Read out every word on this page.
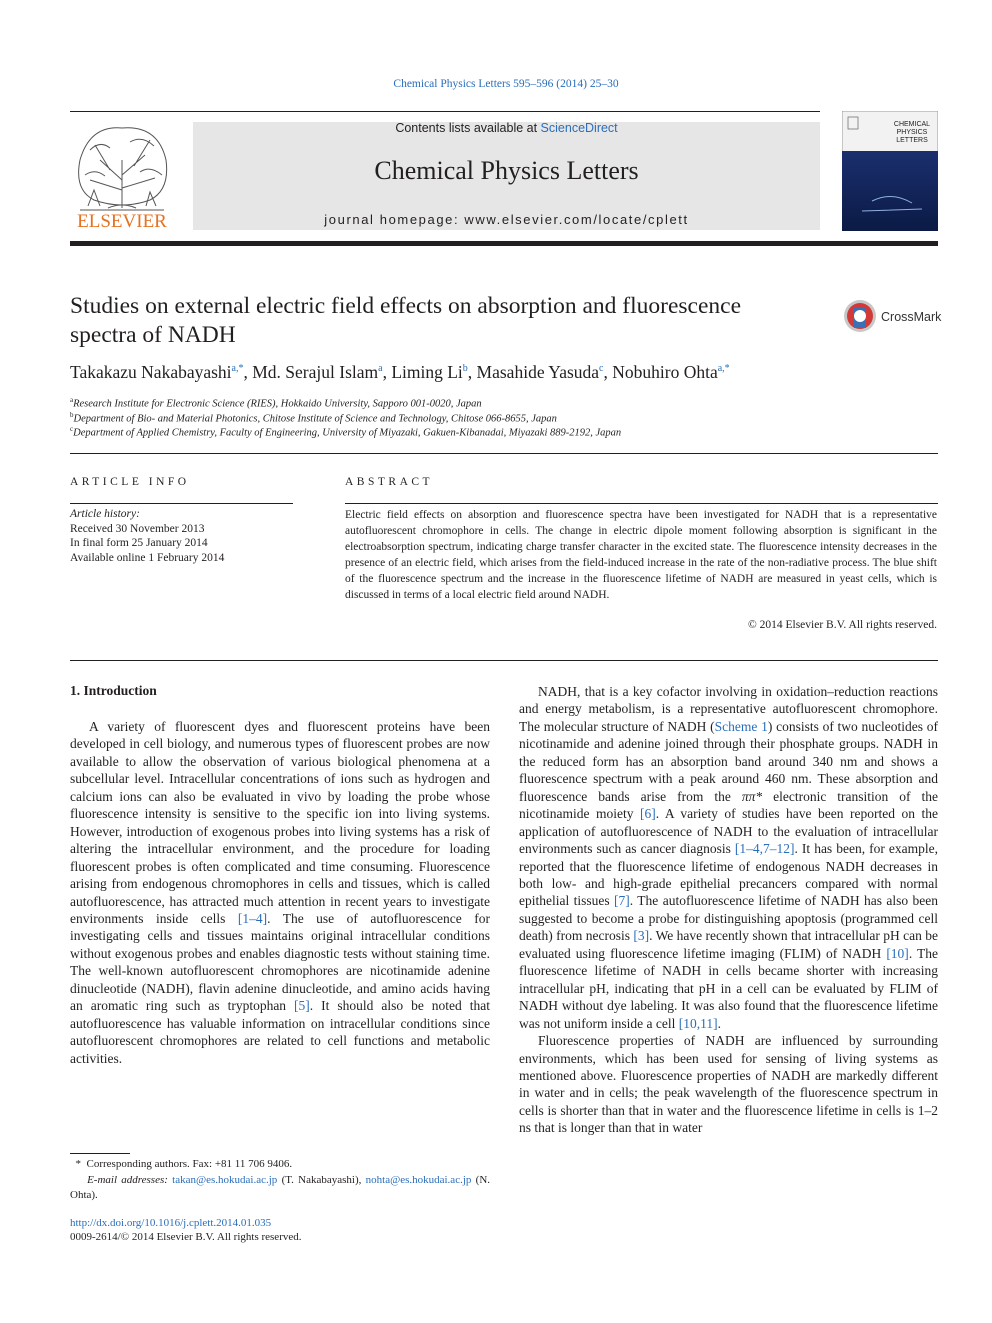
Chemical Physics Letters 595–596 (2014) 25–30
ELSEVIER
Contents lists available at ScienceDirect
Chemical Physics Letters
journal homepage: www.elsevier.com/locate/cplett
CHEMICAL
PHYSICS
LETTERS
Studies on external electric field effects on absorption and fluorescence
spectra of NADH
CrossMark
Takakazu Nakabayashi$^{a,*}$, Md. Serajul Islam$^a$, Liming Li$^b$, Masahide Yasuda$^c$, Nobuhiro Ohta$^{a,*}$
$^a$Research Institute for Electronic Science (RIES), Hokkaido University, Sapporo 001-0020, Japan
$^b$Department of Bio- and Material Photonics, Chitose Institute of Science and Technology, Chitose 066-8655, Japan
$^c$Department of Applied Chemistry, Faculty of Engineering, University of Miyazaki, Gakuen-Kibanadai, Miyazaki 889-2192, Japan
ARTICLE INFO
Article history:
Received 30 November 2013
In final form 25 January 2014
Available online 1 February 2014
ABSTRACT
Electric field effects on absorption and fluorescence spectra have been investigated for NADH that is a representative autofluorescent chromophore in cells. The change in electric dipole moment following absorption is significant in the electroabsorption spectrum, indicating charge transfer character in the excited state. The fluorescence intensity decreases in the presence of an electric field, which arises from the field-induced increase in the rate of the non-radiative process. The blue shift of the fluorescence spectrum and the increase in the fluorescence lifetime of NADH are measured in yeast cells, which is discussed in terms of a local electric field around NADH.
© 2014 Elsevier B.V. All rights reserved.
1. Introduction

A variety of fluorescent dyes and fluorescent proteins have been developed in cell biology, and numerous types of fluorescent probes are now available to allow the observation of various biological phenomena at a subcellular level. Intracellular concentrations of ions such as hydrogen and calcium ions can also be evaluated in vivo by loading the probe whose fluorescence intensity is sensitive to the specific ion into living systems. However, introduction of exogenous probes into living systems has a risk of altering the intracellular environment, and the procedure for loading fluorescent probes is often complicated and time consuming. Fluorescence arising from endogenous chromophores in cells and tissues, which is called autofluorescence, has attracted much attention in recent years to investigate environments inside cells [1–4]. The use of autofluorescence for investigating cells and tissues maintains original intracellular conditions without exogenous probes and enables diagnostic tests without staining time. The well-known autofluorescent chromophores are nicotinamide adenine dinucleotide (NADH), flavin adenine dinucleotide, and amino acids having an aromatic ring such as tryptophan [5]. It should also be noted that autofluorescence has valuable information on intracellular conditions since autofluorescent chromophores are related to cell functions and metabolic activities.

NADH, that is a key cofactor involving in oxidation–reduction reactions and energy metabolism, is a representative autofluorescent chromophore. The molecular structure of NADH (Scheme 1) consists of two nucleotides of nicotinamide and adenine joined through their phosphate groups. NADH in the reduced form has an absorption band around 340 nm and shows a fluorescence spectrum with a peak around 460 nm. These absorption and fluorescence bands arise from the ππ* electronic transition of the nicotinamide moiety [6]. A variety of studies have been reported on the application of autofluorescence of NADH to the evaluation of intracellular environments such as cancer diagnosis [1–4,7–12]. It has been, for example, reported that the fluorescence lifetime of endogenous NADH decreases in both low- and high-grade epithelial precancers compared with normal epithelial tissues [7]. The autofluorescence lifetime of NADH has also been suggested to become a probe for distinguishing apoptosis (programmed cell death) from necrosis [3]. We have recently shown that intracellular pH can be evaluated using fluorescence lifetime imaging (FLIM) of NADH [10]. The fluorescence lifetime of NADH in cells became shorter with increasing intracellular pH, indicating that pH in a cell can be evaluated by FLIM of NADH without dye labeling. It was also found that the fluorescence lifetime was not uniform inside a cell [10,11].

Fluorescence properties of NADH are influenced by surrounding environments, which has been used for sensing of living systems as mentioned above. Fluorescence properties of NADH are markedly different in water and in cells; the peak wavelength of the fluorescence spectrum in cells is shorter than that in water and the fluorescence lifetime in cells is 1–2 ns that is longer than that in water

* Corresponding authors. Fax: +81 11 706 9406.
E-mail addresses: takan@es.hokudai.ac.jp (T. Nakabayashi), nohta@es.hokudai.ac.jp (N. Ohta).
http://dx.doi.org/10.1016/j.cplett.2014.01.035
0009-2614/© 2014 Elsevier B.V. All rights reserved.
